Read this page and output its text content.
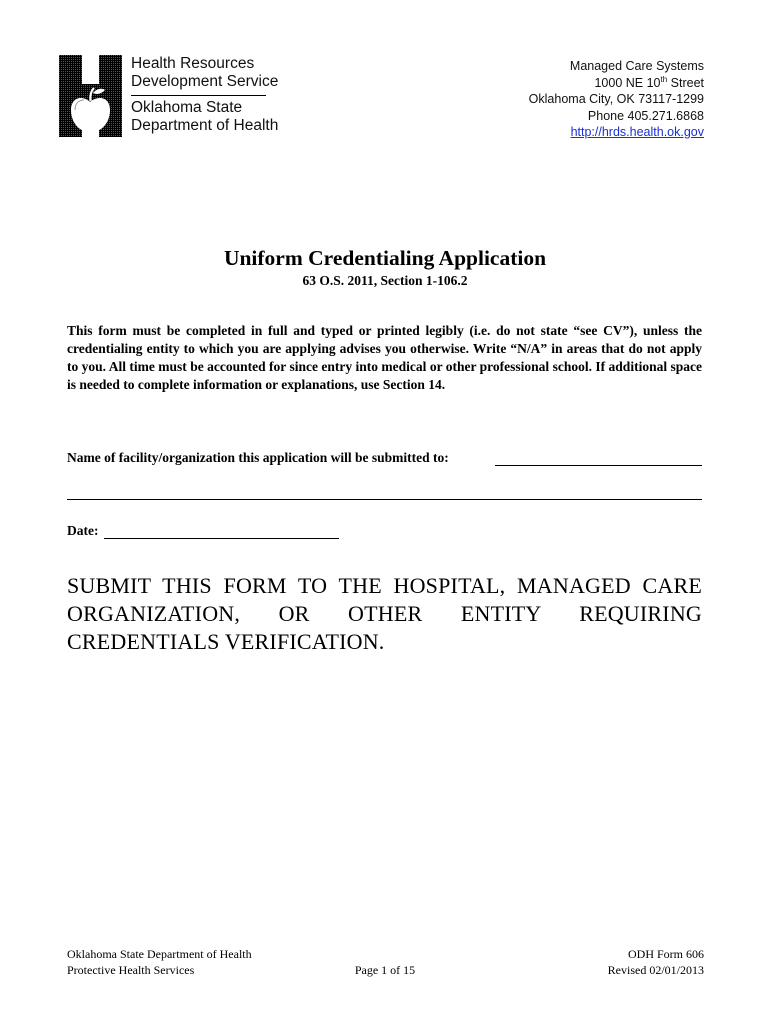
Health Resources
Development Service
Oklahoma State
Department of Health
Managed Care Systems
1000 NE 10th Street
Oklahoma City, OK 73117-1299
Phone 405.271.6868
http://hrds.health.ok.gov
Uniform Credentialing Application
63 O.S. 2011, Section 1-106.2

This form must be completed in full and typed or printed legibly (i.e. do not state “see CV”), unless the credentialing entity to which you are applying advises you otherwise. Write “N/A” in areas that do not apply to you. All time must be accounted for since entry into medical or other professional school. If additional space is needed to complete information or explanations, use Section 14.

Name of facility/organization this application will be submitted to:
Date:

SUBMIT THIS FORM TO THE HOSPITAL, MANAGED CARE ORGANIZATION, OR OTHER ENTITY REQUIRING CREDENTIALS VERIFICATION.

Oklahoma State Department of Health
Protective Health Services	Page 1 of 15
ODH Form 606
Revised 02/01/2013
